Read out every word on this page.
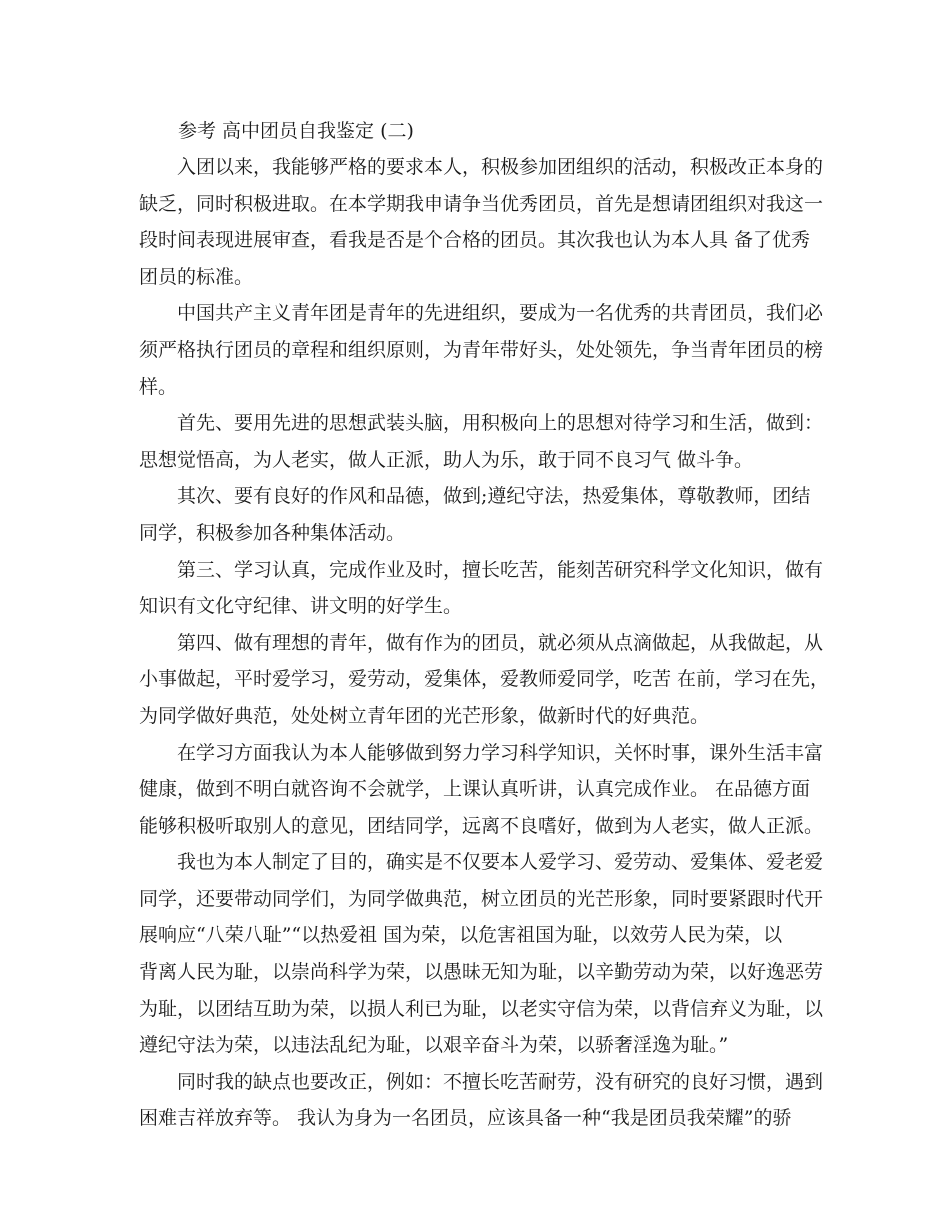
参考 高中团员自我鉴定 (二)
入团以来，我能够严格的要求本人，积极参加团组织的活动，积极改正本身的
缺乏，同时积极进取。在本学期我申请争当优秀团员，首先是想请团组织对我这一
段时间表现进展审查，看我是否是个合格的团员。其次我也认为本人具 备了优秀
团员的标准。
中国共产主义青年团是青年的先进组织，要成为一名优秀的共青团员，我们必
须严格执行团员的章程和组织原则，为青年带好头，处处领先，争当青年团员的榜
样。
首先、要用先进的思想武装头脑，用积极向上的思想对待学习和生活，做到：
思想觉悟高，为人老实，做人正派，助人为乐，敢于同不良习气 做斗争。
其次、要有良好的作风和品德，做到;遵纪守法，热爱集体，尊敬教师，团结
同学，积极参加各种集体活动。
第三、学习认真，完成作业及时，擅长吃苦，能刻苦研究科学文化知识，做有
知识有文化守纪律、讲文明的好学生。
第四、做有理想的青年，做有作为的团员，就必须从点滴做起，从我做起，从
小事做起，平时爱学习，爱劳动，爱集体，爱教师爱同学，吃苦 在前，学习在先，
为同学做好典范，处处树立青年团的光芒形象，做新时代的好典范。
在学习方面我认为本人能够做到努力学习科学知识，关怀时事，课外生活丰富
健康，做到不明白就咨询不会就学，上课认真听讲，认真完成作业。 在品德方面
能够积极听取别人的意见，团结同学，远离不良嗜好，做到为人老实，做人正派。
我也为本人制定了目的，确实是不仅要本人爱学习、爱劳动、爱集体、爱老爱
同学，还要带动同学们，为同学做典范，树立团员的光芒形象，同时要紧跟时代开
展响应“八荣八耻”“以热爱祖 国为荣，以危害祖国为耻，以效劳人民为荣，以
背离人民为耻，以崇尚科学为荣，以愚昧无知为耻，以辛勤劳动为荣，以好逸恶劳
为耻，以团结互助为荣，以损人利已为耻，以老实守信为荣，以背信弃义为耻，以
遵纪守法为荣，以违法乱纪为耻，以艰辛奋斗为荣，以骄奢淫逸为耻。”
同时我的缺点也要改正，例如：不擅长吃苦耐劳，没有研究的良好习惯，遇到
困难吉祥放弃等。 我认为身为一名团员，应该具备一种“我是团员我荣耀”的骄
